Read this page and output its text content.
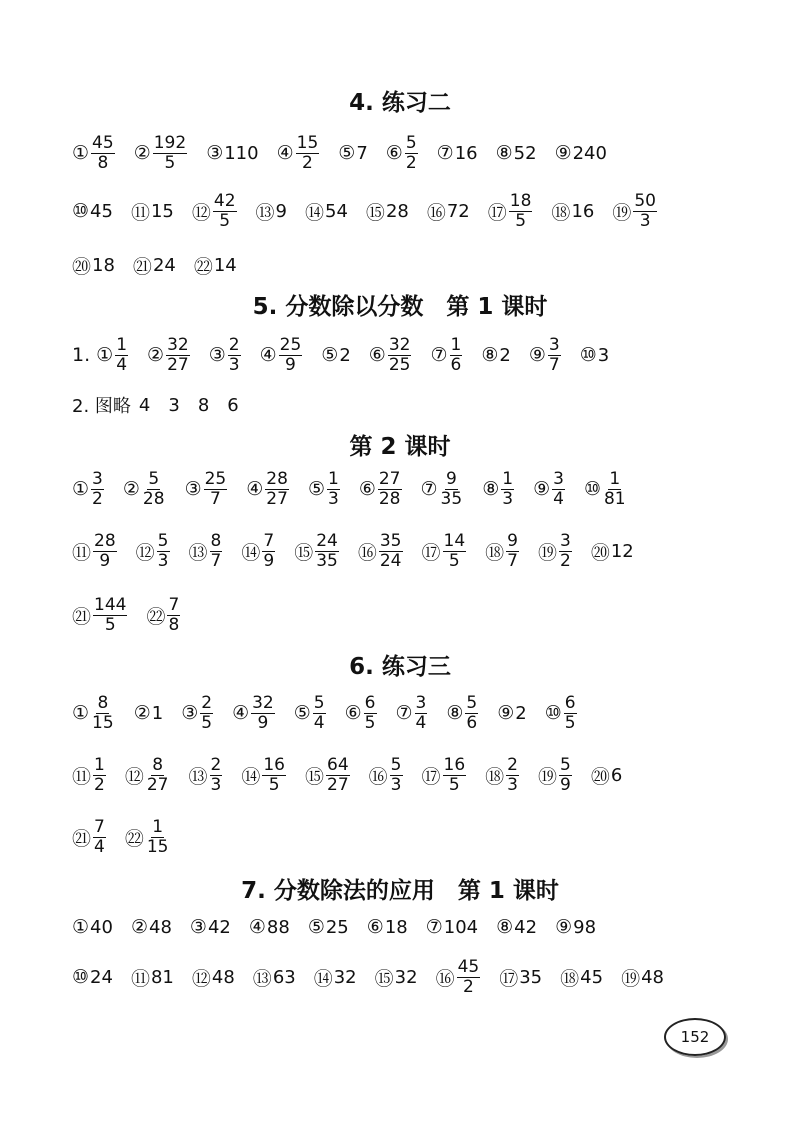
4. 练习二
① $\frac{45}{8}$ ② $\frac{192}{5}$ ③ 110 ④ $\frac{15}{2}$ ⑤ 7 ⑥ $\frac{5}{2}$ ⑦ 16 ⑧ 52 ⑨ 240
⑩ 45 ⑪ 15 ⑫ $\frac{42}{5}$ ⑬ 9 ⑭ 54 ⑮ 28 ⑯ 72 ⑰ $\frac{18}{5}$ ⑱ 16 ⑲ $\frac{50}{3}$
⑳ 18 ㉑ 24 ㉒ 14
5. 分数除以分数　第 1 课时
1. ① $\frac{1}{4}$ ② $\frac{32}{27}$ ③ $\frac{2}{3}$ ④ $\frac{25}{9}$ ⑤ 2 ⑥ $\frac{32}{25}$ ⑦ $\frac{1}{6}$ ⑧ 2 ⑨ $\frac{3}{7}$ ⑩ 3
2. 图略 4 3 8 6
第 2 课时
① $\frac{3}{2}$ ② $\frac{5}{28}$ ③ $\frac{25}{7}$ ④ $\frac{28}{27}$ ⑤ $\frac{1}{3}$ ⑥ $\frac{27}{28}$ ⑦ $\frac{9}{35}$ ⑧ $\frac{1}{3}$ ⑨ $\frac{3}{4}$ ⑩ $\frac{1}{81}$
⑪ $\frac{28}{9}$ ⑫ $\frac{5}{3}$ ⑬ $\frac{8}{7}$ ⑭ $\frac{7}{9}$ ⑮ $\frac{24}{35}$ ⑯ $\frac{35}{24}$ ⑰ $\frac{14}{5}$ ⑱ $\frac{9}{7}$ ⑲ $\frac{3}{2}$ ⑳ 12
㉑ $\frac{144}{5}$ ㉒ $\frac{7}{8}$
6. 练习三
① $\frac{8}{15}$ ② 1 ③ $\frac{2}{5}$ ④ $\frac{32}{9}$ ⑤ $\frac{5}{4}$ ⑥ $\frac{6}{5}$ ⑦ $\frac{3}{4}$ ⑧ $\frac{5}{6}$ ⑨ 2 ⑩ $\frac{6}{5}$
⑪ $\frac{1}{2}$ ⑫ $\frac{8}{27}$ ⑬ $\frac{2}{3}$ ⑭ $\frac{16}{5}$ ⑮ $\frac{64}{27}$ ⑯ $\frac{5}{3}$ ⑰ $\frac{16}{5}$ ⑱ $\frac{2}{3}$ ⑲ $\frac{5}{9}$ ⑳ 6
㉑ $\frac{7}{4}$ ㉒ $\frac{1}{15}$
7. 分数除法的应用　第 1 课时
① 40 ② 48 ③ 42 ④ 88 ⑤ 25 ⑥ 18 ⑦ 104 ⑧ 42 ⑨ 98
⑩ 24 ⑪ 81 ⑫ 48 ⑬ 63 ⑭ 32 ⑮ 32 ⑯ $\frac{45}{2}$ ⑰ 35 ⑱ 45 ⑲ 48
152
